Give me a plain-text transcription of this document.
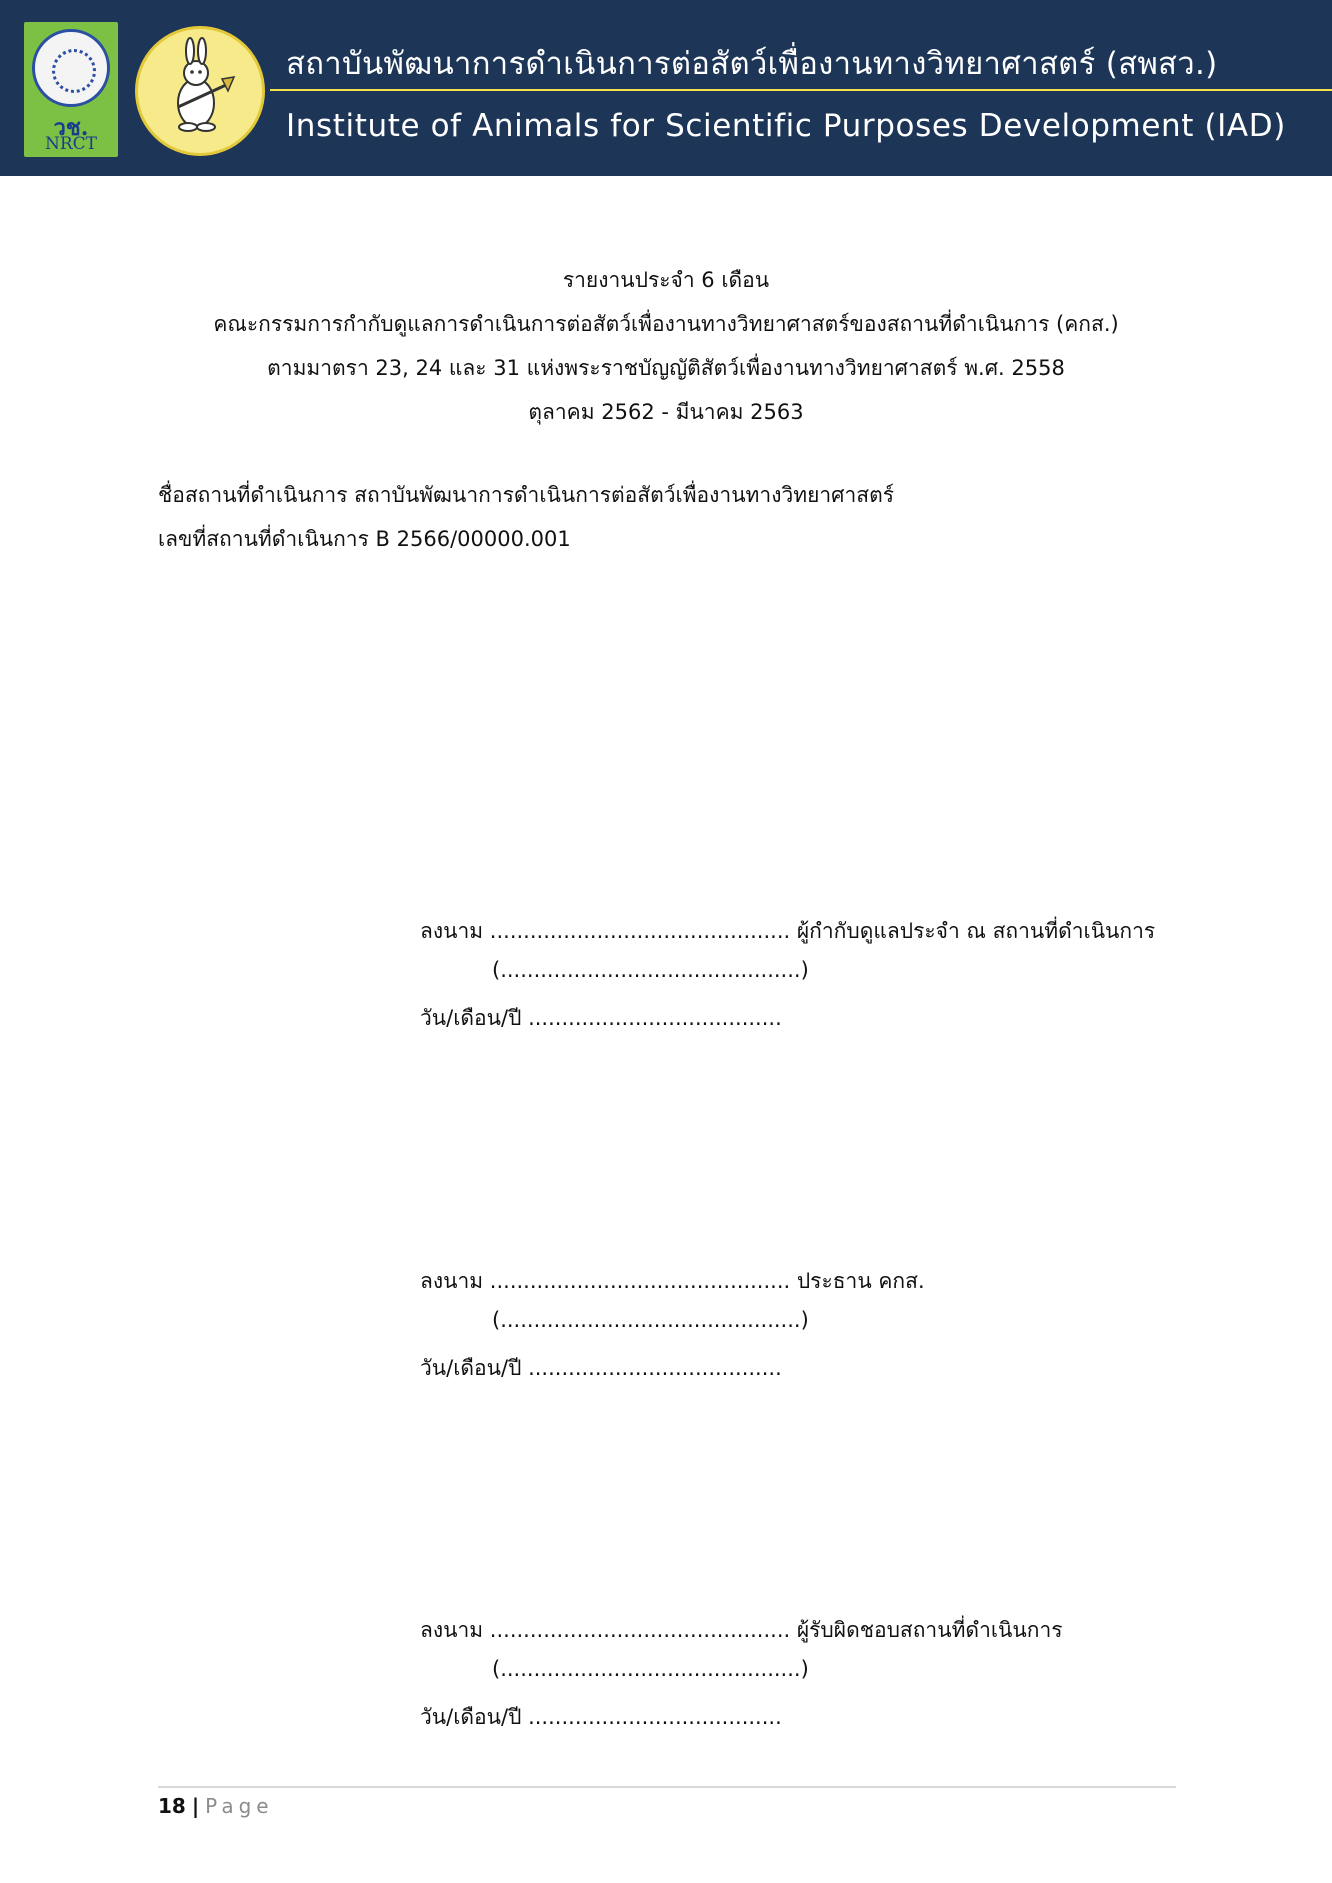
วช.
NRCT
สถาบันพัฒนาการดำเนินการต่อสัตว์เพื่องานทางวิทยาศาสตร์ (สพสว.)
Institute of Animals for Scientific Purposes Development (IAD)
รายงานประจำ 6 เดือน
คณะกรรมการกำกับดูแลการดำเนินการต่อสัตว์เพื่องานทางวิทยาศาสตร์ของสถานที่ดำเนินการ (คกส.)
ตามมาตรา 23, 24 และ 31 แห่งพระราชบัญญัติสัตว์เพื่องานทางวิทยาศาสตร์ พ.ศ. 2558
ตุลาคม 2562 - มีนาคม 2563
ชื่อสถานที่ดำเนินการ สถาบันพัฒนาการดำเนินการต่อสัตว์เพื่องานทางวิทยาศาสตร์
เลขที่สถานที่ดำเนินการ B 2566/00000.001
ลงนาม ............................................. ผู้กำกับดูแลประจำ ณ สถานที่ดำเนินการ
(.............................................)
วัน/เดือน/ปี ......................................
ลงนาม ............................................. ประธาน คกส.
(.............................................)
วัน/เดือน/ปี ......................................
ลงนาม ............................................. ผู้รับผิดชอบสถานที่ดำเนินการ
(.............................................)
วัน/เดือน/ปี ......................................
18 | Page
